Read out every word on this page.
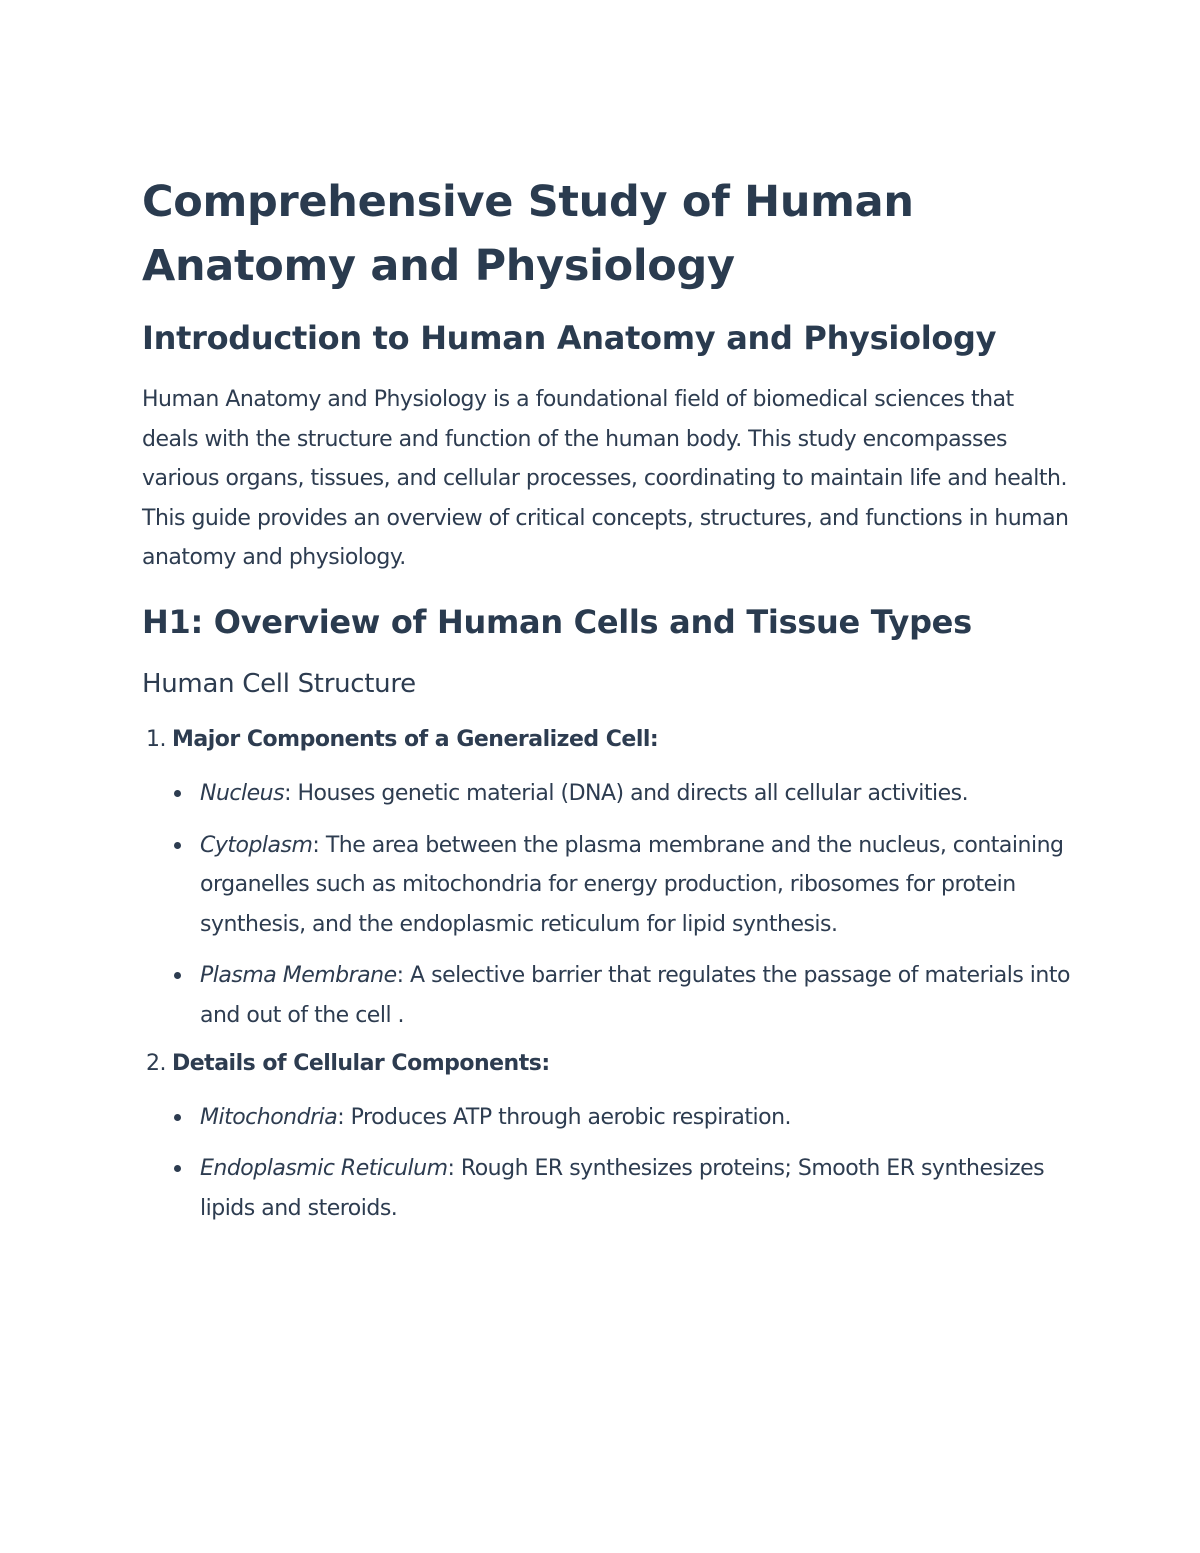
Comprehensive Study of Human
Anatomy and Physiology
Introduction to Human Anatomy and Physiology

Human Anatomy and Physiology is a foundational field of biomedical sciences that deals with the structure and function of the human body. This study encompasses various organs, tissues, and cellular processes, coordinating to maintain life and health. This guide provides an overview of critical concepts, structures, and functions in human anatomy and physiology.

H1: Overview of Human Cells and Tissue Types
Human Cell Structure
1. Major Components of a Generalized Cell:
Nucleus: Houses genetic material (DNA) and directs all cellular activities.
Cytoplasm: The area between the plasma membrane and the nucleus, containing organelles such as mitochondria for energy production, ribosomes for protein synthesis, and the endoplasmic reticulum for lipid synthesis.
Plasma Membrane: A selective barrier that regulates the passage of materials into and out of the cell .
2. Details of Cellular Components:
Mitochondria: Produces ATP through aerobic respiration.
Endoplasmic Reticulum: Rough ER synthesizes proteins; Smooth ER synthesizes lipids and steroids.
